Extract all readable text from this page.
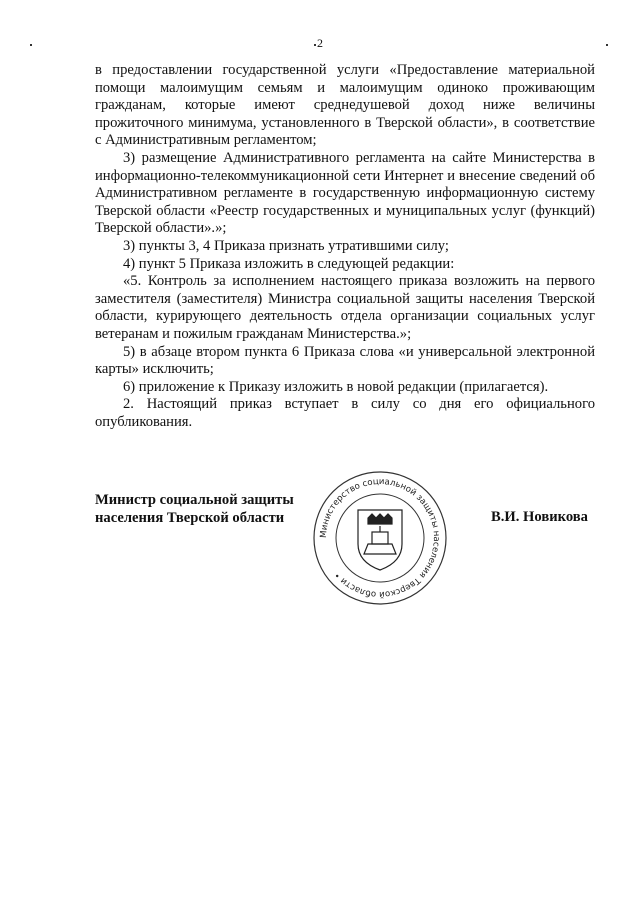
2

в предоставлении государственной услуги «Предоставление материальной помощи малоимущим семьям и малоимущим одиноко проживающим гражданам, которые имеют среднедушевой доход ниже величины прожиточного минимума, установленного в Тверской области», в соответствие с Административным регламентом;

3) размещение Административного регламента на сайте Министерства в информационно-телекоммуникационной сети Интернет и внесение сведений об Административном регламенте в государственную информационную систему Тверской области «Реестр государственных и муниципальных услуг (функций) Тверской области».»;

3) пункты 3, 4 Приказа признать утратившими силу;

4) пункт 5 Приказа изложить в следующей редакции:

«5. Контроль за исполнением настоящего приказа возложить на первого заместителя (заместителя) Министра социальной защиты населения Тверской области, курирующего деятельность отдела организации социальных услуг ветеранам и пожилым гражданам Министерства.»;

5) в абзаце втором пункта 6 Приказа слова «и универсальной электронной карты» исключить;

6) приложение к Приказу изложить в новой редакции (прилагается).

2. Настоящий приказ вступает в силу со дня его официального опубликования.

Министр социальной защиты
населения Тверской области
Министерство социальной защиты населения Тверской области •
В.И. Новикова
